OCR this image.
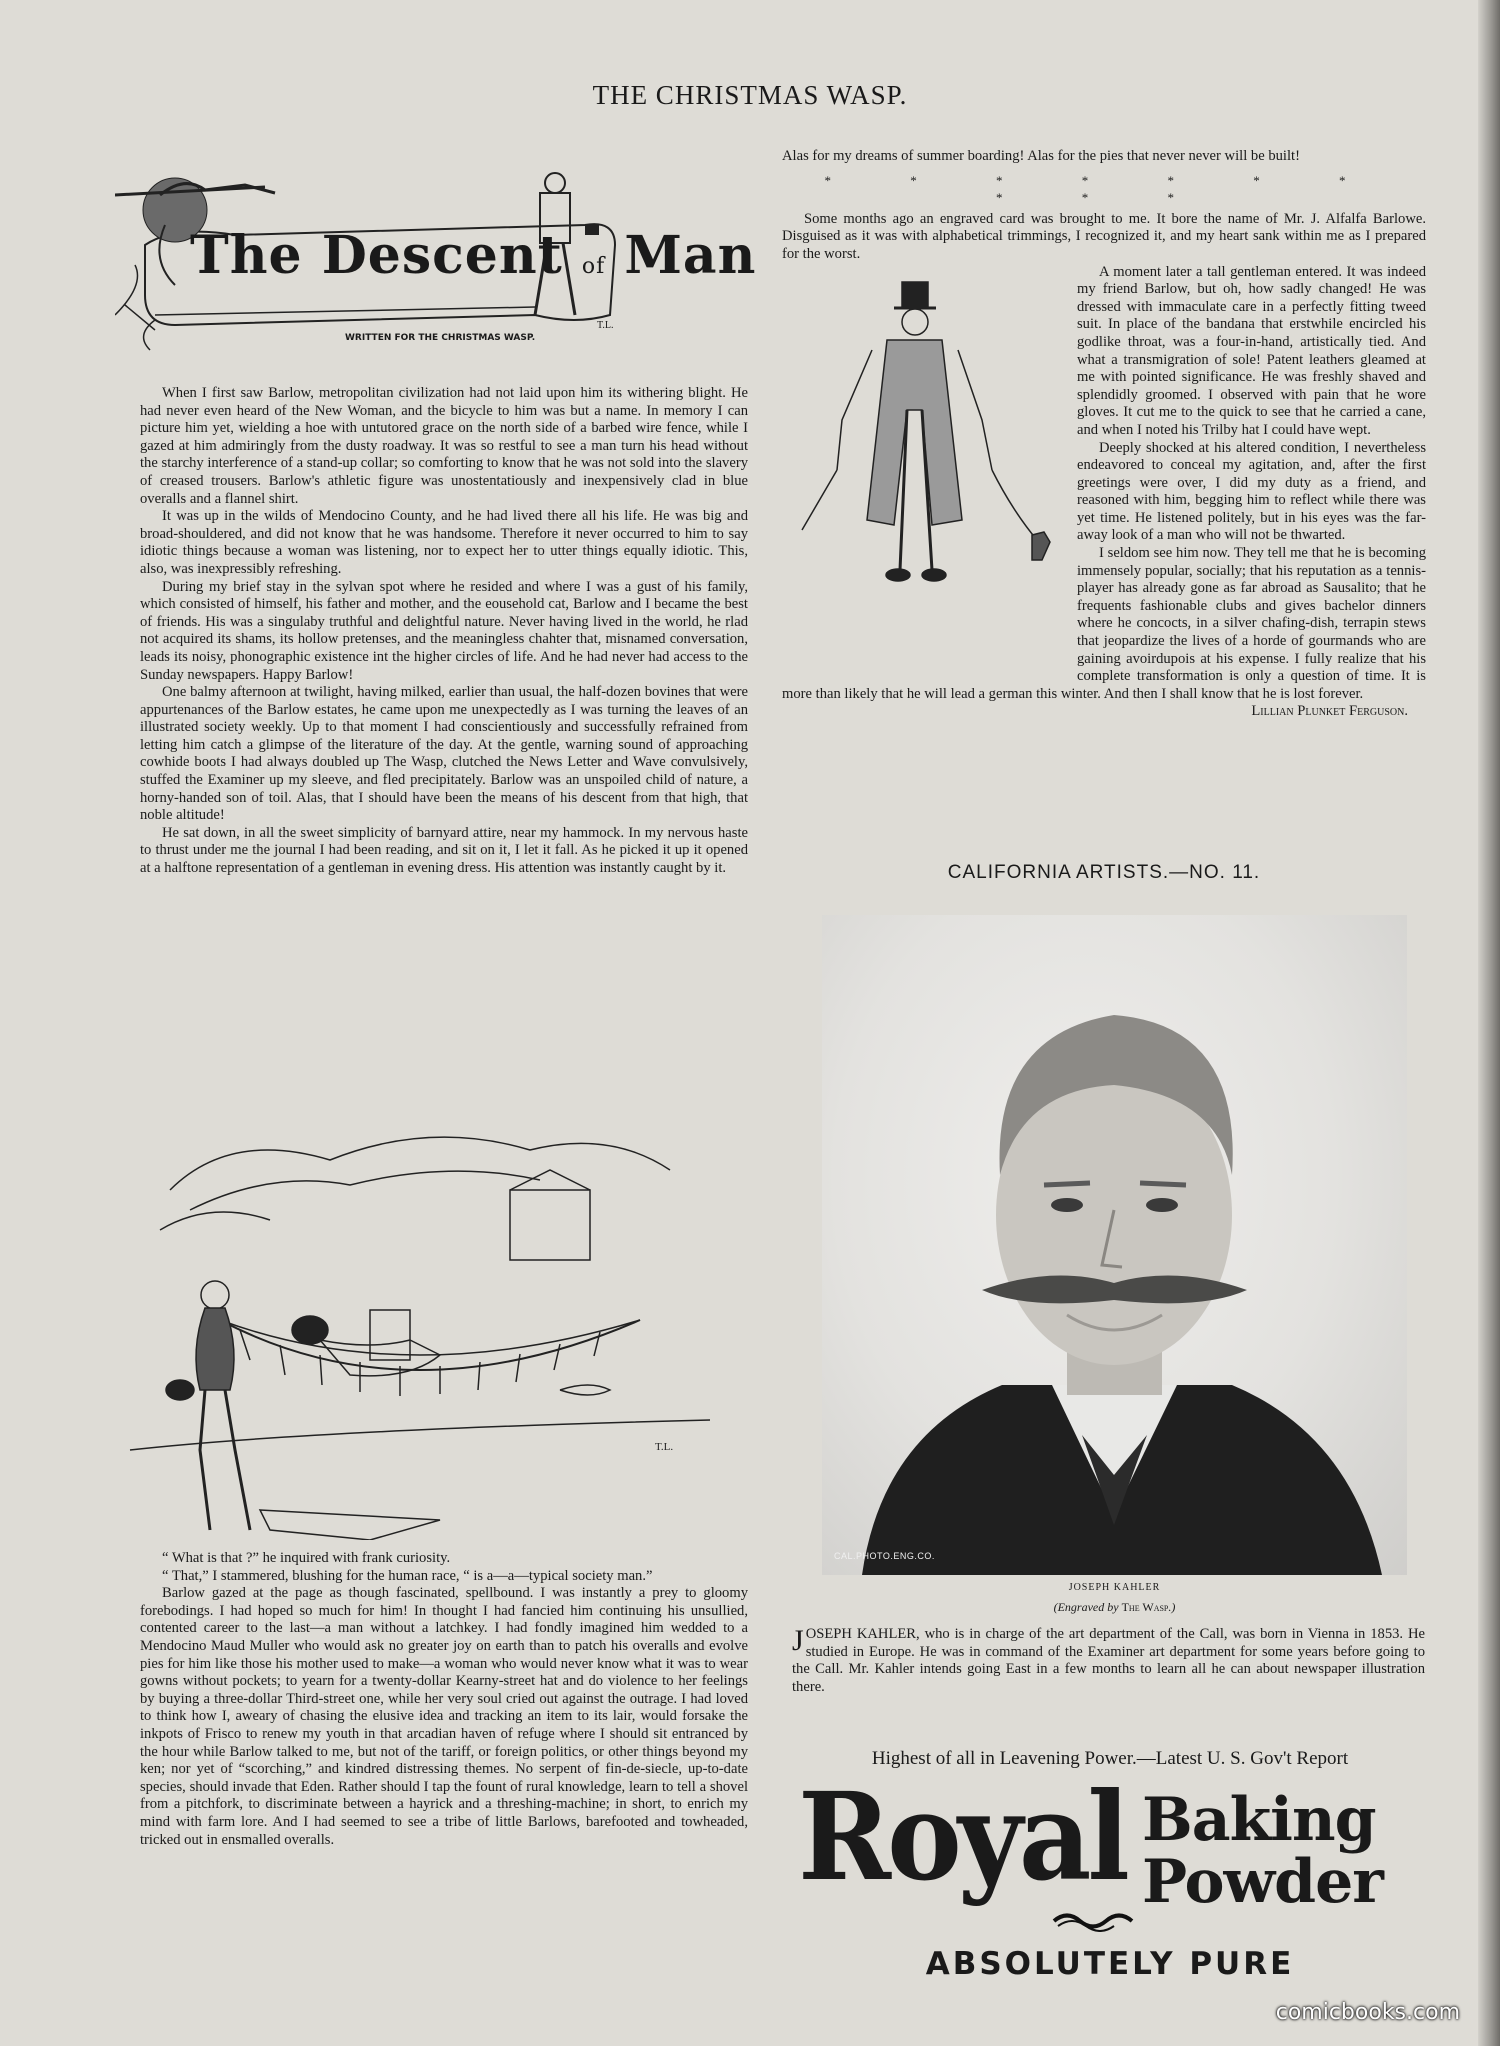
THE CHRISTMAS WASP.
The Descent of Man
WRITTEN FOR THE CHRISTMAS WASP.
T.L.

When I first saw Barlow, metropolitan civilization had not laid upon him its withering blight. He had never even heard of the New Woman, and the bicycle to him was but a name. In memory I can picture him yet, wielding a hoe with untutored grace on the north side of a barbed wire fence, while I gazed at him admiringly from the dusty roadway. It was so restful to see a man turn his head without the starchy interference of a stand-up collar; so comforting to know that he was not sold into the slavery of creased trousers. Barlow's athletic figure was unostentatiously and inexpensively clad in blue overalls and a flannel shirt.

It was up in the wilds of Mendocino County, and he had lived there all his life. He was big and broad-shouldered, and did not know that he was handsome. Therefore it never occurred to him to say idiotic things because a woman was listening, nor to expect her to utter things equally idiotic. This, also, was inexpressibly refreshing.

During my brief stay in the sylvan spot where he resided and where I was a gust of his family, which consisted of himself, his father and mother, and the eousehold cat, Barlow and I became the best of friends. His was a singulaby truthful and delightful nature. Never having lived in the world, he rlad not acquired its shams, its hollow pretenses, and the meaningless chahter that, misnamed conversation, leads its noisy, phonographic existence int the higher circles of life. And he had never had access to the Sunday newspapers. Happy Barlow!

One balmy afternoon at twilight, having milked, earlier than usual, the half-dozen bovines that were appurtenances of the Barlow estates, he came upon me unexpectedly as I was turning the leaves of an illustrated society weekly. Up to that moment I had conscientiously and successfully refrained from letting him catch a glimpse of the literature of the day. At the gentle, warning sound of approaching cowhide boots I had always doubled up The Wasp, clutched the News Letter and Wave convulsively, stuffed the Examiner up my sleeve, and fled precipitately. Barlow was an unspoiled child of nature, a horny-handed son of toil. Alas, that I should have been the means of his descent from that high, that noble altitude!

He sat down, in all the sweet simplicity of barnyard attire, near my hammock. In my nervous haste to thrust under me the journal I had been reading, and sit on it, I let it fall. As he picked it up it opened at a halftone representation of a gentleman in evening dress. His attention was instantly caught by it.

T.L.

“ What is that ?” he inquired with frank curiosity.

“ That,” I stammered, blushing for the human race, “ is a—a—typical society man.”

Barlow gazed at the page as though fascinated, spellbound. I was instantly a prey to gloomy forebodings. I had hoped so much for him! In thought I had fancied him continuing his unsullied, contented career to the last—a man without a latchkey. I had fondly imagined him wedded to a Mendocino Maud Muller who would ask no greater joy on earth than to patch his overalls and evolve pies for him like those his mother used to make—a woman who would never know what it was to wear gowns without pockets; to yearn for a twenty-dollar Kearny-street hat and do violence to her feelings by buying a three-dollar Third-street one, while her very soul cried out against the outrage. I had loved to think how I, aweary of chasing the elusive idea and tracking an item to its lair, would forsake the inkpots of Frisco to renew my youth in that arcadian haven of refuge where I should sit entranced by the hour while Barlow talked to me, but not of the tariff, or foreign politics, or other things beyond my ken; nor yet of “scorching,” and kindred distressing themes. No serpent of fin-de-siecle, up-to-date species, should invade that Eden. Rather should I tap the fount of rural knowledge, learn to tell a shovel from a pitchfork, to discriminate between a hayrick and a threshing-machine; in short, to enrich my mind with farm lore. And I had seemed to see a tribe of little Barlows, barefooted and towheaded, tricked out in ensmalled overalls.

Alas for my dreams of summer boarding! Alas for the pies that never never will be built!

* * * * * * * * * *

Some months ago an engraved card was brought to me. It bore the name of Mr. J. Alfalfa Barlowe. Disguised as it was with alphabetical trimmings, I recognized it, and my heart sank within me as I prepared for the worst.

A moment later a tall gentleman entered. It was indeed my friend Barlow, but oh, how sadly changed! He was dressed with immaculate care in a perfectly fitting tweed suit. In place of the bandana that erstwhile encircled his godlike throat, was a four-in-hand, artistically tied. And what a transmigration of sole! Patent leathers gleamed at me with pointed significance. He was freshly shaved and splendidly groomed. I observed with pain that he wore gloves. It cut me to the quick to see that he carried a cane, and when I noted his Trilby hat I could have wept.

Deeply shocked at his altered condition, I nevertheless endeavored to conceal my agitation, and, after the first greetings were over, I did my duty as a friend, and reasoned with him, begging him to reflect while there was yet time. He listened politely, but in his eyes was the far-away look of a man who will not be thwarted.

I seldom see him now. They tell me that he is becoming immensely popular, socially; that his reputation as a tennis-player has already gone as far abroad as Sausalito; that he frequents fashionable clubs and gives bachelor dinners where he concocts, in a silver chafing-dish, terrapin stews that jeopardize the lives of a horde of gourmands who are gaining avoirdupois at his expense. I fully realize that his complete transformation is only a question of time. It is more than likely that he will lead a german this winter. And then I shall know that he is lost forever.

Lillian Plunket Ferguson.
CALIFORNIA ARTISTS.—NO. 11.
CAL.PHOTO.ENG.CO.
JOSEPH KAHLER
(Engraved by The Wasp.)
JOSEPH KAHLER, who is in charge of the art department of the Call, was born in Vienna in 1853. He studied in Europe. He was in command of the Examiner art department for some years before going to the Call. Mr. Kahler intends going East in a few months to learn all he can about newspaper illustration there.
Highest of all in Leavening Power.—Latest U. S. Gov't Report
Royal Baking
Powder
ABSOLUTELY PURE
comicbooks.com
